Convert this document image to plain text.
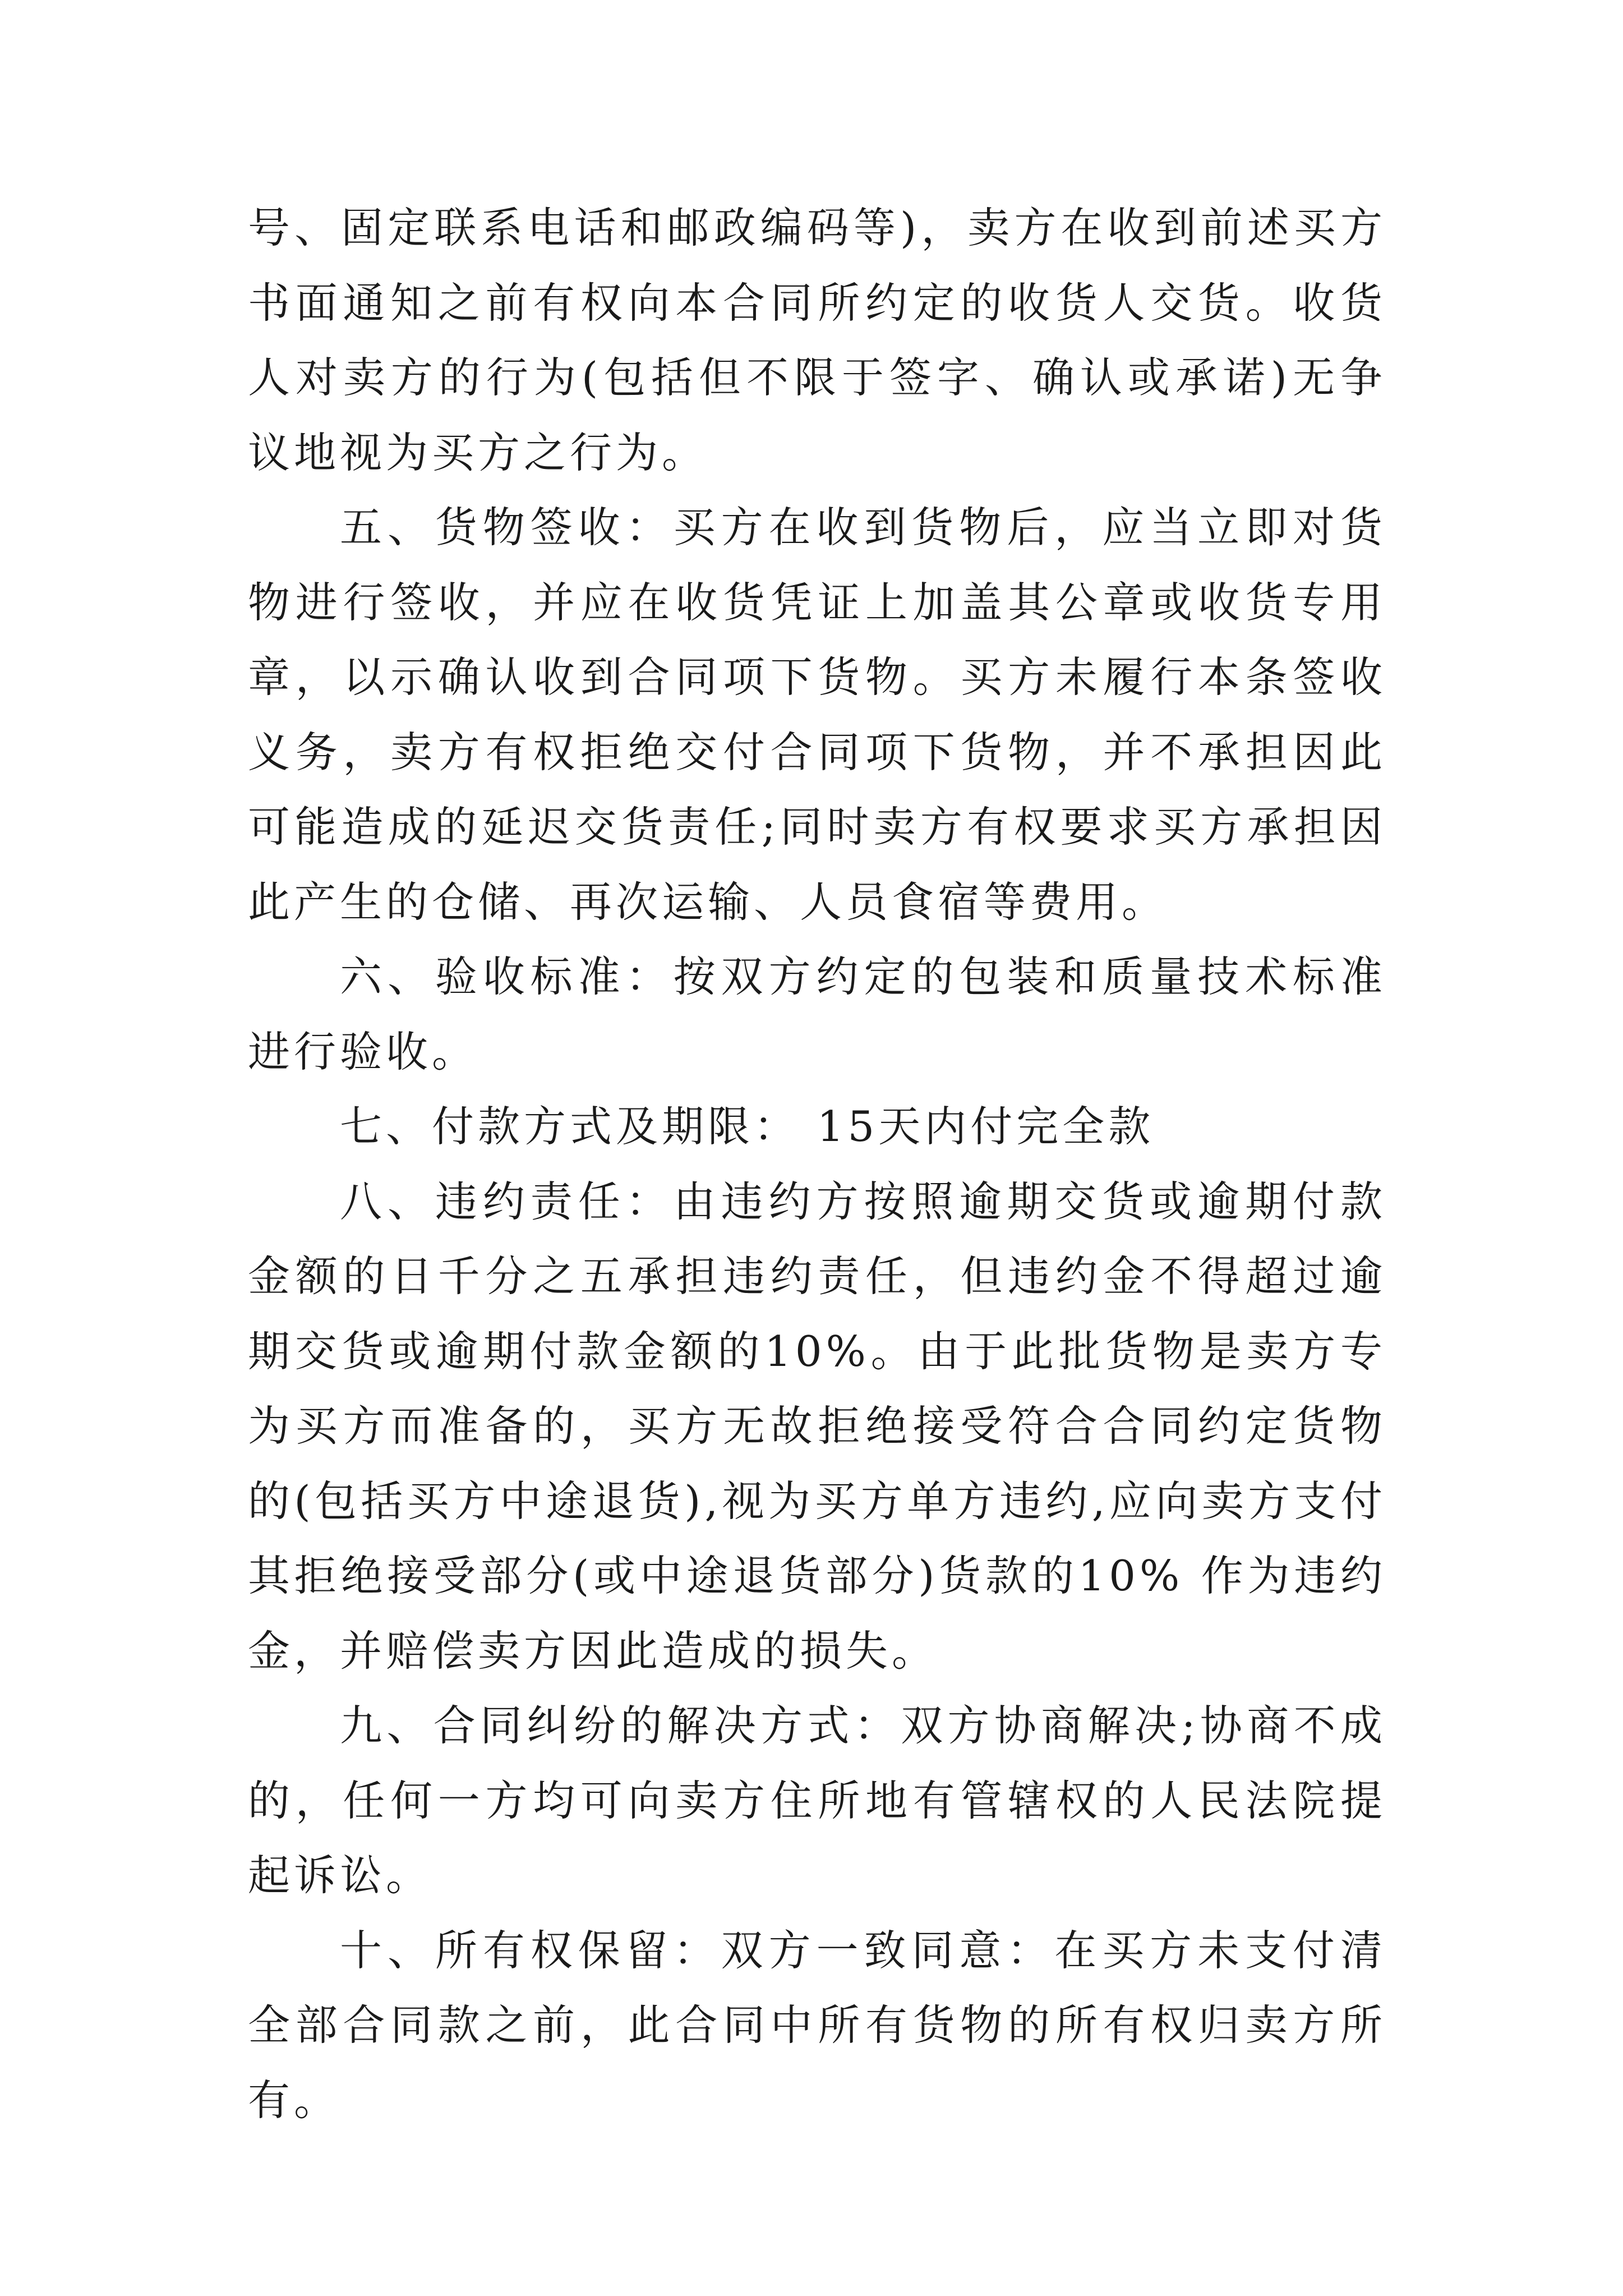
号、固定联系电话和邮政编码等)，卖方在收到前述买方书面通知之前有权向本合同所约定的收货人交货。收货人对卖方的行为(包括但不限于签字、确认或承诺)无争议地视为买方之行为。

五、货物签收：买方在收到货物后，应当立即对货物进行签收，并应在收货凭证上加盖其公章或收货专用章，以示确认收到合同项下货物。买方未履行本条签收义务，卖方有权拒绝交付合同项下货物，并不承担因此可能造成的延迟交货责任;同时卖方有权要求买方承担因此产生的仓储、再次运输、人员食宿等费用。

六、验收标准：按双方约定的包装和质量技术标准进行验收。

七、付款方式及期限： 15天内付完全款

八、违约责任：由违约方按照逾期交货或逾期付款金额的日千分之五承担违约责任，但违约金不得超过逾期交货或逾期付款金额的10%。由于此批货物是卖方专为买方而准备的，买方无故拒绝接受符合合同约定货物的(包括买方中途退货),视为买方单方违约,应向卖方支付其拒绝接受部分(或中途退货部分)货款的10% 作为违约金，并赔偿卖方因此造成的损失。

九、合同纠纷的解决方式：双方协商解决;协商不成的，任何一方均可向卖方住所地有管辖权的人民法院提起诉讼。

十、所有权保留：双方一致同意：在买方未支付清全部合同款之前，此合同中所有货物的所有权归卖方所有。
